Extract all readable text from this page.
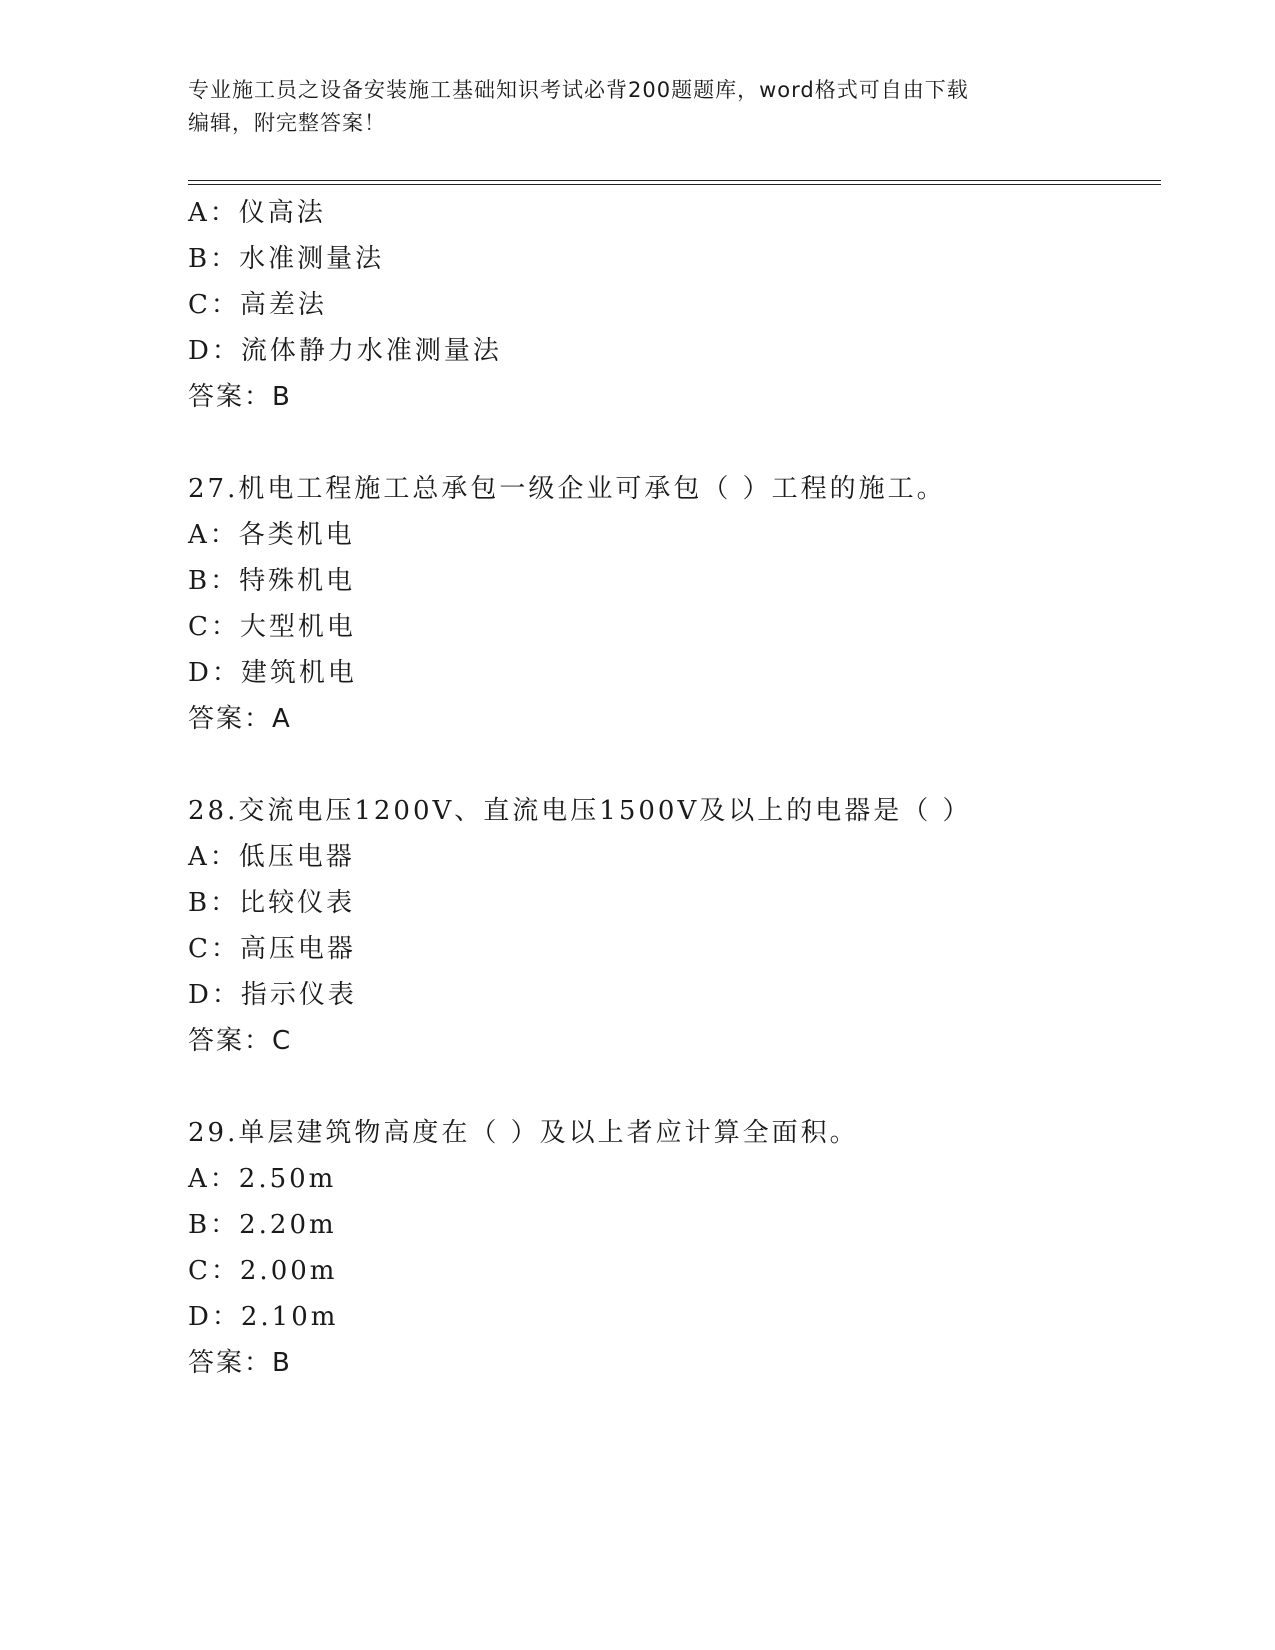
专业施工员之设备安装施工基础知识考试必背200题题库，word格式可自由下载
编辑，附完整答案！
A：仪高法
B：水准测量法
C：高差法
D：流体静力水准测量法
答案：B
27.机电工程施工总承包一级企业可承包（ ）工程的施工。
A：各类机电
B：特殊机电
C：大型机电
D：建筑机电
答案：A
28.交流电压1200V、直流电压1500V及以上的电器是（ ）
A：低压电器
B：比较仪表
C：高压电器
D：指示仪表
答案：C
29.单层建筑物高度在（ ）及以上者应计算全面积。
A：2.50m
B：2.20m
C：2.00m
D：2.10m
答案：B
